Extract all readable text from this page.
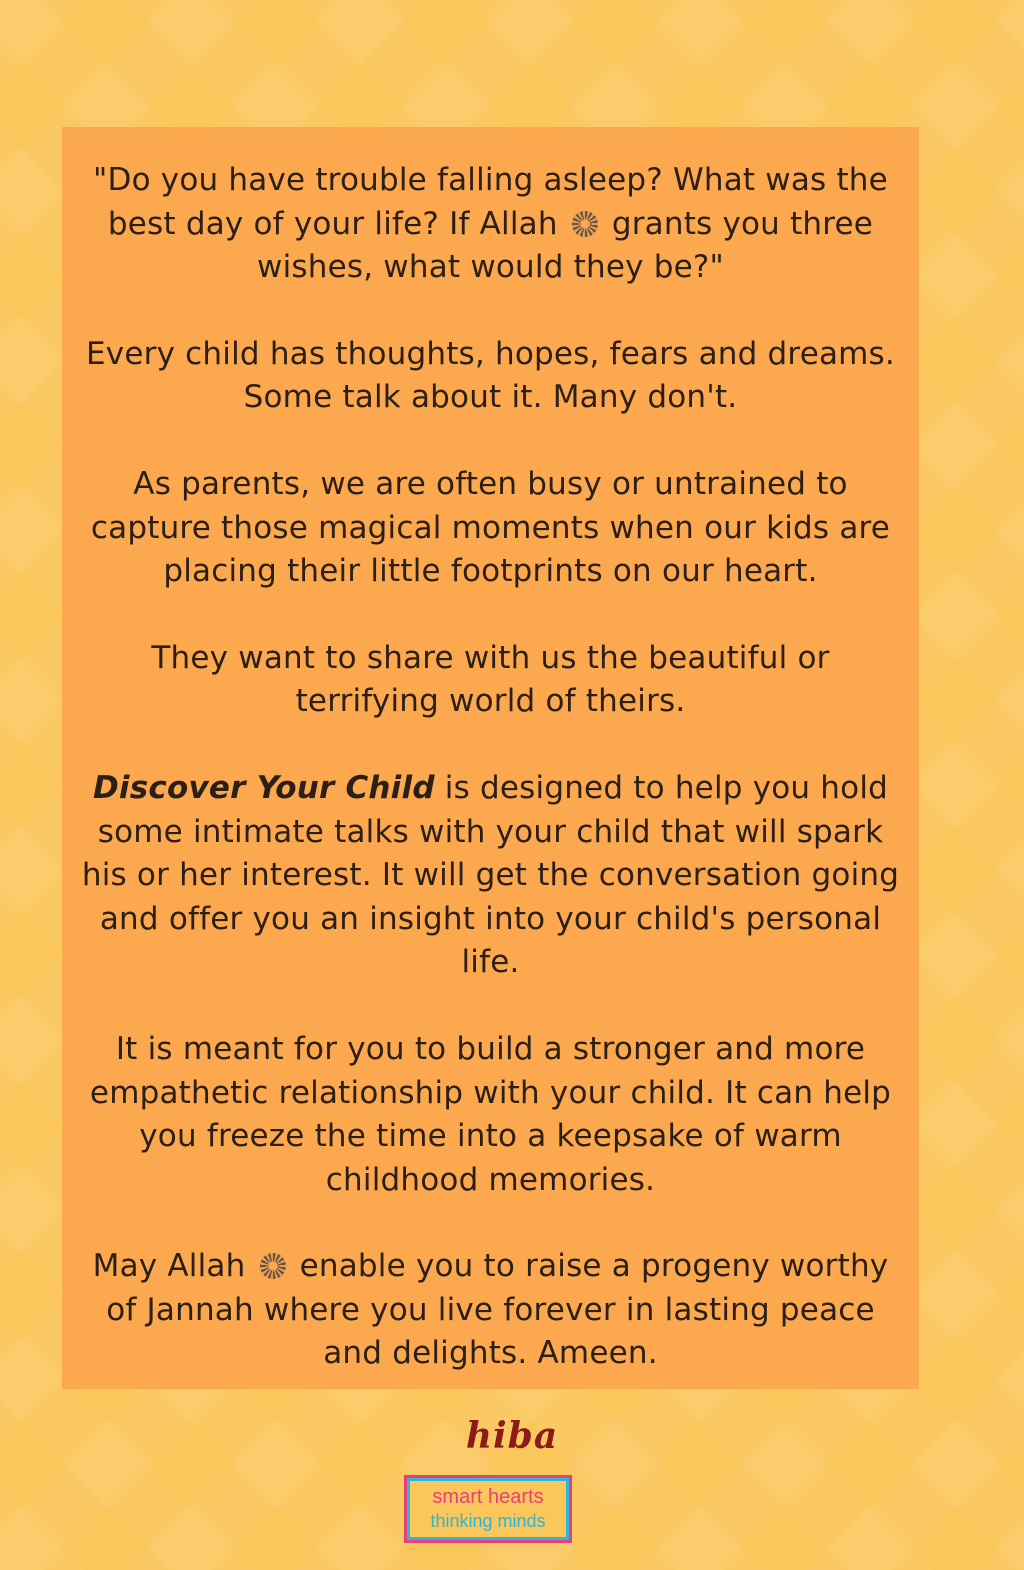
"Do you have trouble falling asleep? What was the best day of your life? If Allah grants you three wishes, what would they be?"

Every child has thoughts, hopes, fears and dreams. Some talk about it. Many don't.

As parents, we are often busy or untrained to capture those magical moments when our kids are placing their little footprints on our heart.

They want to share with us the beautiful or terrifying world of theirs.

Discover Your Child is designed to help you hold some intimate talks with your child that will spark his or her interest. It will get the conversation going and offer you an insight into your child's personal life.

It is meant for you to build a stronger and more empathetic relationship with your child. It can help you freeze the time into a keepsake of warm childhood memories.

May Allah enable you to raise a progeny worthy of Jannah where you live forever in lasting peace and delights. Ameen.

hiba
smart hearts
thinking minds
